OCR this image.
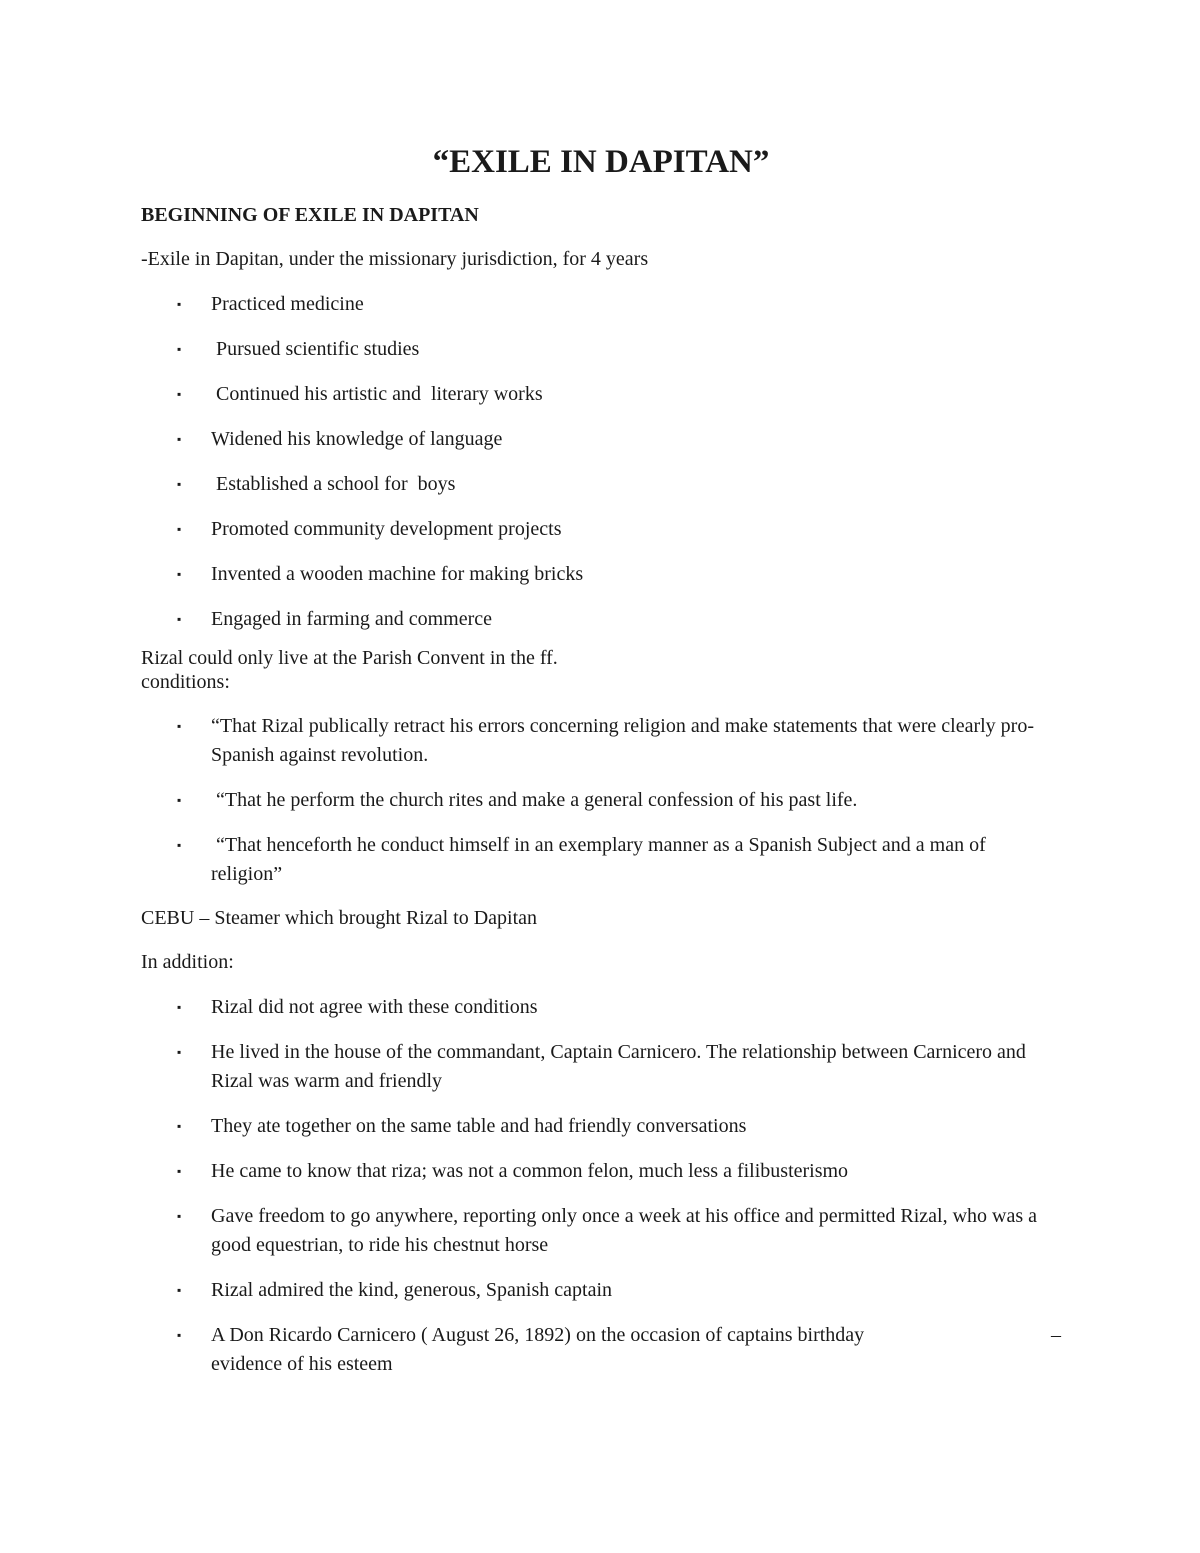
“EXILE IN DAPITAN”
BEGINNING OF EXILE IN DAPITAN
-Exile in Dapitan, under the missionary jurisdiction, for 4 years
▪ Practiced medicine
▪ Pursued scientific studies
▪ Continued his artistic and  literary works
▪ Widened his knowledge of language
▪ Established a school for  boys
▪ Promoted community development projects
▪ Invented a wooden machine for making bricks
▪ Engaged in farming and commerce
Rizal could only live at the Parish Convent in the ff.
conditions:
▪ “That Rizal publically retract his errors concerning religion and make statements that were clearly pro-Spanish against revolution.
▪ “That he perform the church rites and make a general confession of his past life.
▪ “That henceforth he conduct himself in an exemplary manner as a Spanish Subject and a man of religion”
CEBU – Steamer which brought Rizal to Dapitan
In addition:
▪ Rizal did not agree with these conditions
▪ He lived in the house of the commandant, Captain Carnicero. The relationship between Carnicero and Rizal was warm and friendly
▪ They ate together on the same table and had friendly conversations
▪ He came to know that riza; was not a common felon, much less a filibusterismo
▪ Gave freedom to go anywhere, reporting only once a week at his office and permitted Rizal, who was a good equestrian, to ride his chestnut horse
▪ Rizal admired the kind, generous, Spanish captain
▪ A Don Ricardo Carnicero ( August 26, 1892) on the occasion of captains birthday	–
evidence of his esteem
